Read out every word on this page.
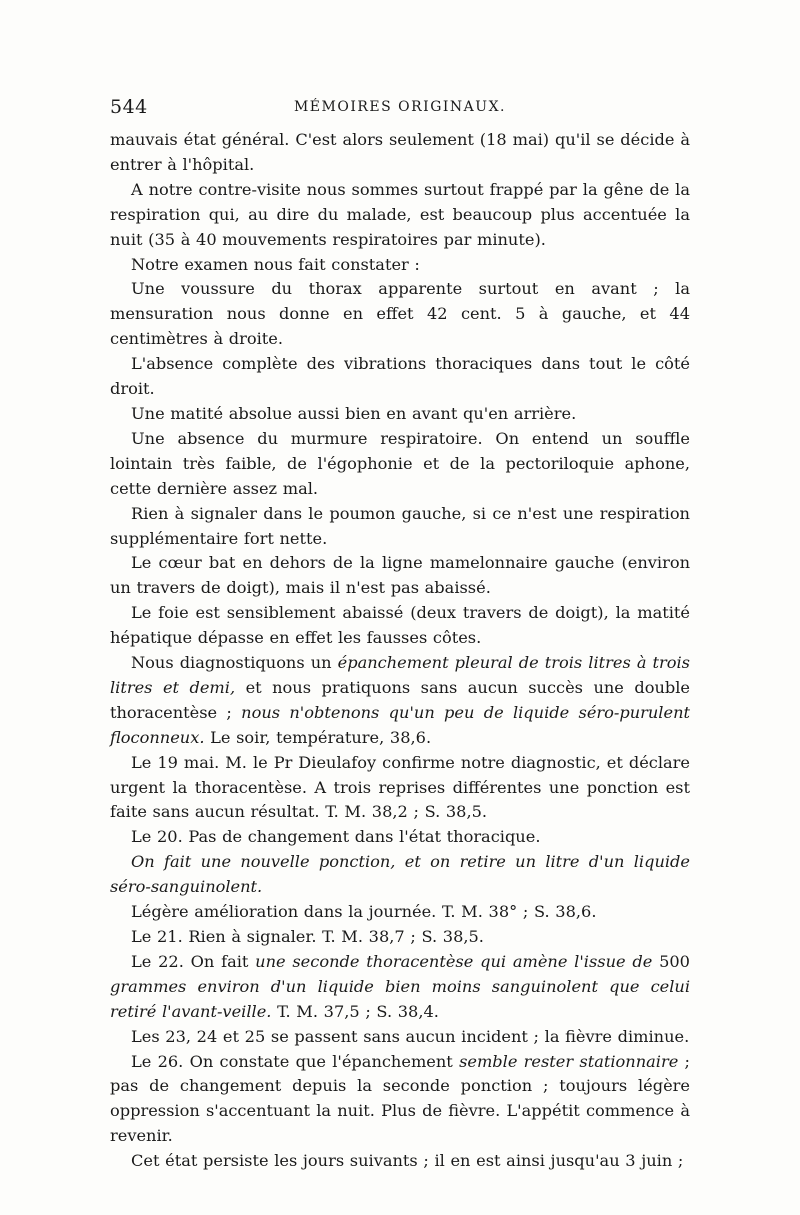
544	MÉMOIRES ORIGINAUX.

mauvais état général. C'est alors seulement (18 mai) qu'il se décide à entrer à l'hôpital.

A notre contre-visite nous sommes surtout frappé par la gêne de la respiration qui, au dire du malade, est beaucoup plus accentuée la nuit (35 à 40 mouvements respiratoires par minute).

Notre examen nous fait constater :

Une voussure du thorax apparente surtout en avant ; la mensuration nous donne en effet 42 cent. 5 à gauche, et 44 centimètres à droite.

L'absence complète des vibrations thoraciques dans tout le côté droit.

Une matité absolue aussi bien en avant qu'en arrière.

Une absence du murmure respiratoire. On entend un souffle lointain très faible, de l'égophonie et de la pectoriloquie aphone, cette dernière assez mal.

Rien à signaler dans le poumon gauche, si ce n'est une respiration supplémentaire fort nette.

Le cœur bat en dehors de la ligne mamelonnaire gauche (environ un travers de doigt), mais il n'est pas abaissé.

Le foie est sensiblement abaissé (deux travers de doigt), la matité hépatique dépasse en effet les fausses côtes.

Nous diagnostiquons un épanchement pleural de trois litres à trois litres et demi, et nous pratiquons sans aucun succès une double thoracentèse ; nous n'obtenons qu'un peu de liquide séro-purulent floconneux. Le soir, température, 38,6.

Le 19 mai. M. le Pr Dieulafoy confirme notre diagnostic, et déclare urgent la thoracentèse. A trois reprises différentes une ponction est faite sans aucun résultat. T. M. 38,2 ; S. 38,5.

Le 20. Pas de changement dans l'état thoracique.

On fait une nouvelle ponction, et on retire un litre d'un liquide séro-sanguinolent.

Légère amélioration dans la journée. T. M. 38° ; S. 38,6.

Le 21. Rien à signaler. T. M. 38,7 ; S. 38,5.

Le 22. On fait une seconde thoracentèse qui amène l'issue de 500 grammes environ d'un liquide bien moins sanguinolent que celui retiré l'avant-veille. T. M. 37,5 ; S. 38,4.

Les 23, 24 et 25 se passent sans aucun incident ; la fièvre diminue.

Le 26. On constate que l'épanchement semble rester stationnaire ; pas de changement depuis la seconde ponction ; toujours légère oppression s'accentuant la nuit. Plus de fièvre. L'appétit commence à revenir.

Cet état persiste les jours suivants ; il en est ainsi jusqu'au 3 juin ;
